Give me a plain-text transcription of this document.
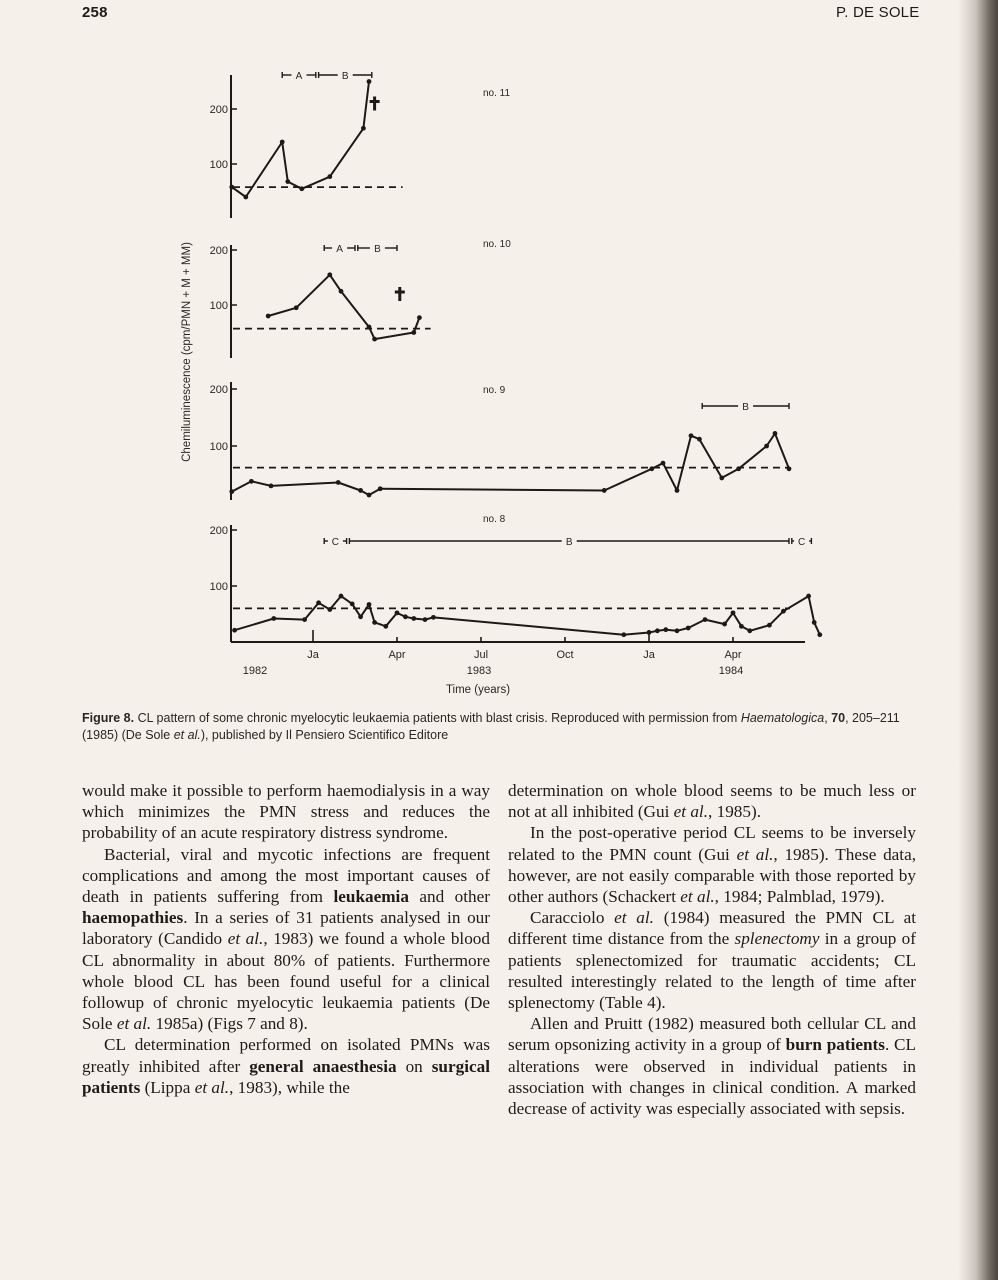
258	P. DE SOLE
100
200
no. 11
A	B
100
200
no. 10
A	B
100
200	no. 9
B
100
200
no. 8
C	B	C
Ja	Apr	Jul	Oct	Ja	Apr
1982	1983	1984
Time (years)
Chemiluminescence (cpm/PMN + M + MM)
Figure 8. CL pattern of some chronic myelocytic leukaemia patients with blast crisis. Reproduced with permission from Haematologica, 70, 205–211 (1985) (De Sole et al.), published by Il Pensiero Scientifico Editore

would make it possible to perform haemodialysis in a way which minimizes the PMN stress and reduces the probability of an acute respiratory distress syndrome.

Bacterial, viral and mycotic infections are frequent complications and among the most important causes of death in patients suffering from leukaemia and other haemopathies. In a series of 31 patients analysed in our laboratory (Candido et al., 1983) we found a whole blood CL abnormality in about 80% of patients. Furthermore whole blood CL has been found useful for a clinical followup of chronic myelocytic leukaemia patients (De Sole et al. 1985a) (Figs 7 and 8).

CL determination performed on isolated PMNs was greatly inhibited after general anaesthesia on surgical patients (Lippa et al., 1983), while the

determination on whole blood seems to be much less or not at all inhibited (Gui et al., 1985).

In the post-operative period CL seems to be inversely related to the PMN count (Gui et al., 1985). These data, however, are not easily comparable with those reported by other authors (Schackert et al., 1984; Palmblad, 1979).

Caracciolo et al. (1984) measured the PMN CL at different time distance from the splenectomy in a group of patients splenectomized for traumatic accidents; CL resulted interestingly related to the length of time after splenectomy (Table 4).

Allen and Pruitt (1982) measured both cellular CL and serum opsonizing activity in a group of burn patients. CL alterations were observed in individual patients in association with changes in clinical condition. A marked decrease of activity was especially associated with sepsis.
